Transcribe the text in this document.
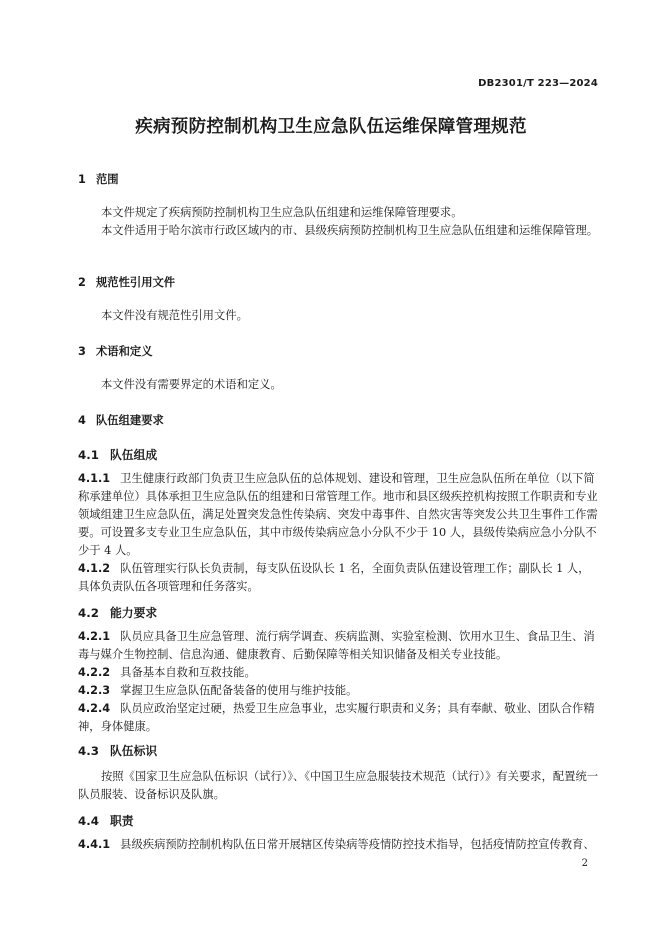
DB2301/T 223—2024
疾病预防控制机构卫生应急队伍运维保障管理规范
1 范围
本文件规定了疾病预防控制机构卫生应急队伍组建和运维保障管理要求。
本文件适用于哈尔滨市行政区域内的市、县级疾病预防控制机构卫生应急队伍组建和运维保障管理。
2 规范性引用文件
本文件没有规范性引用文件。
3 术语和定义
本文件没有需要界定的术语和定义。
4 队伍组建要求
4.1 队伍组成
4.1.1 卫生健康行政部门负责卫生应急队伍的总体规划、建设和管理，卫生应急队伍所在单位（以下简称承建单位）具体承担卫生应急队伍的组建和日常管理工作。地市和县区级疾控机构按照工作职责和专业领域组建卫生应急队伍，满足处置突发急性传染病、突发中毒事件、自然灾害等突发公共卫生事件工作需要。可设置多支专业卫生应急队伍，其中市级传染病应急小分队不少于 10 人，县级传染病应急小分队不少于 4 人。
4.1.2 队伍管理实行队长负责制，每支队伍设队长 1 名，全面负责队伍建设管理工作；副队长 1 人，具体负责队伍各项管理和任务落实。
4.2 能力要求
4.2.1 队员应具备卫生应急管理、流行病学调查、疾病监测、实验室检测、饮用水卫生、食品卫生、消毒与媒介生物控制、信息沟通、健康教育、后勤保障等相关知识储备及相关专业技能。
4.2.2 具备基本自救和互救技能。
4.2.3 掌握卫生应急队伍配备装备的使用与维护技能。
4.2.4 队员应政治坚定过硬，热爱卫生应急事业，忠实履行职责和义务；具有奉献、敬业、团队合作精神，身体健康。
4.3 队伍标识
按照《国家卫生应急队伍标识（试行）》、《中国卫生应急服装技术规范（试行）》有关要求，配置统一队员服装、设备标识及队旗。
4.4 职责
4.4.1 县级疾病预防控制机构队伍日常开展辖区传染病等疫情防控技术指导，包括疫情防控宣传教育、
2
